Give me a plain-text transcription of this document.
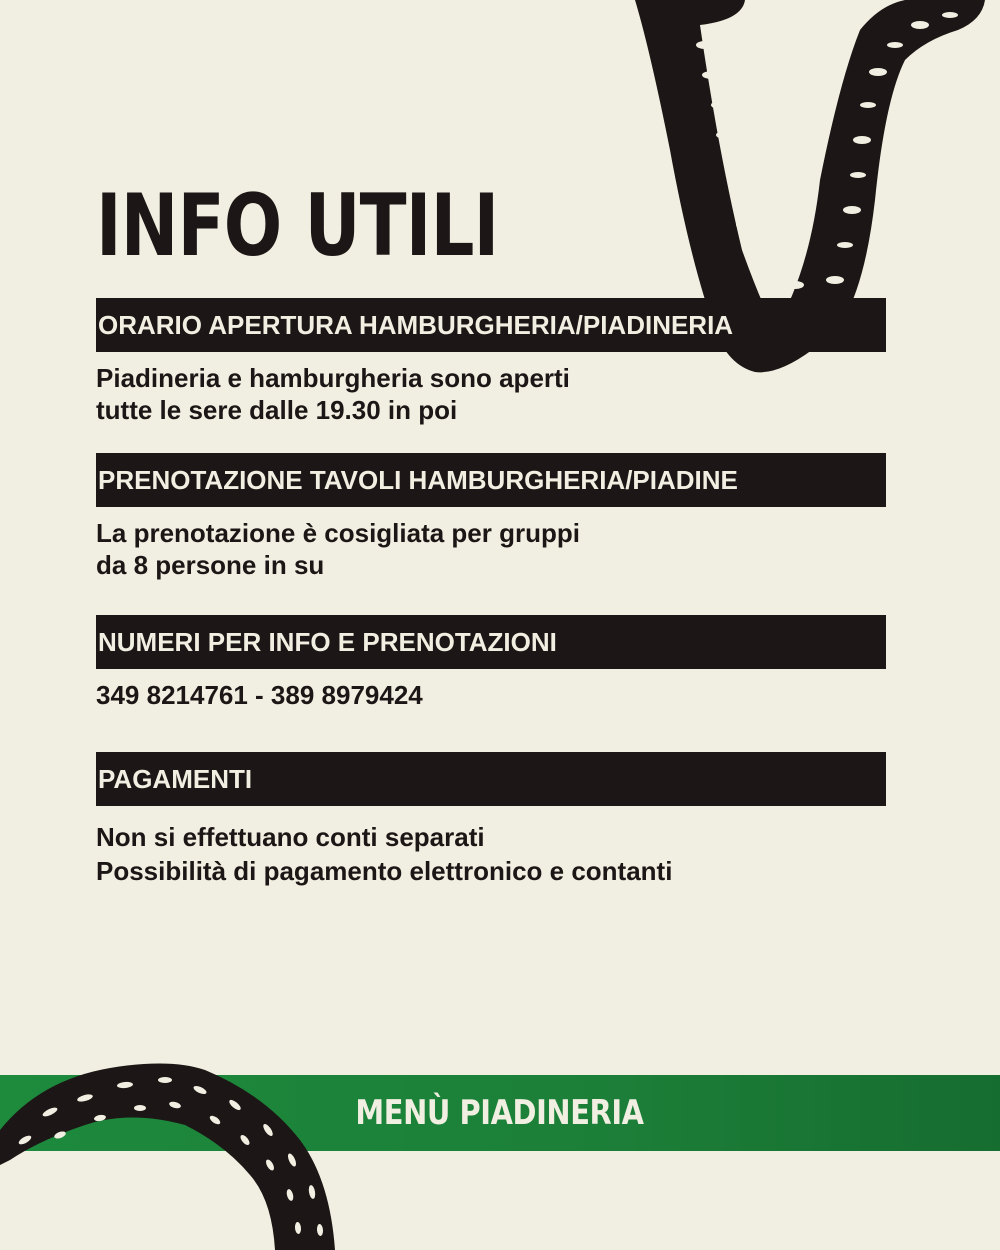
INFO UTILI
ORARIO APERTURA HAMBURGHERIA/PIADINERIA
Piadineria e hamburgheria sono aperti
tutte le sere dalle 19.30 in poi
PRENOTAZIONE TAVOLI HAMBURGHERIA/PIADINE
La prenotazione è cosigliata per gruppi
da 8 persone in su
NUMERI PER INFO E PRENOTAZIONI
349 8214761 - 389 8979424
PAGAMENTI
Non si effettuano conti separati
Possibilità di pagamento elettronico e contanti
MENÙ PIADINERIA
